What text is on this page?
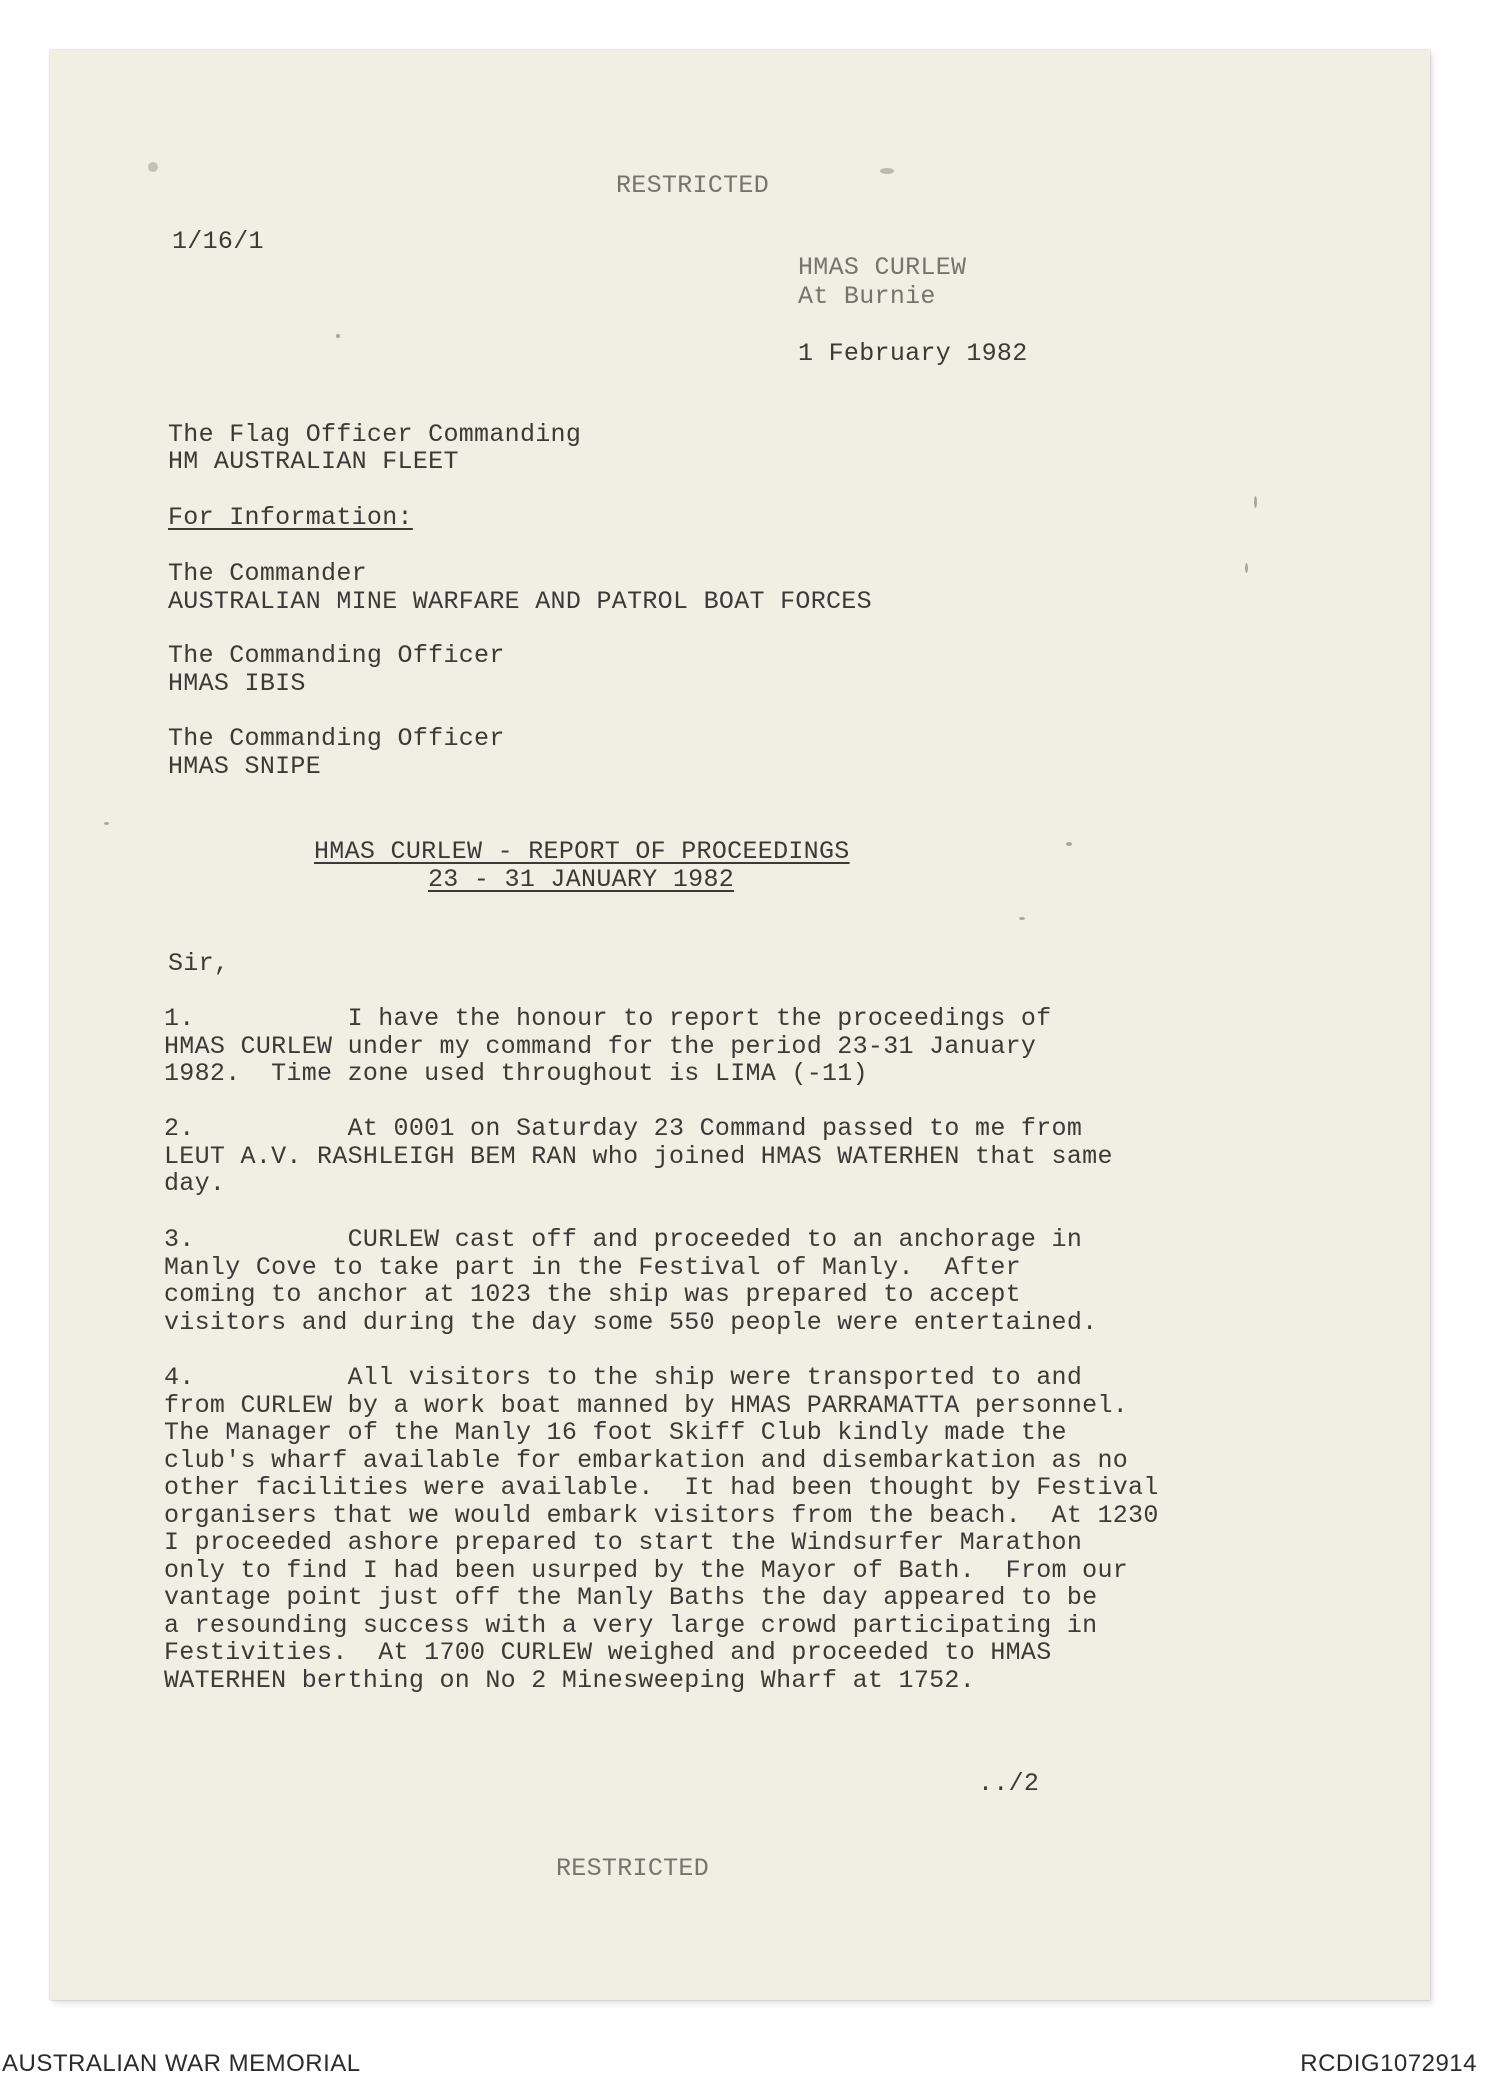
RESTRICTED
1/16/1
HMAS CURLEW
At Burnie
1 February 1982
The Flag Officer Commanding
HM AUSTRALIAN FLEET
For Information:
The Commander
AUSTRALIAN MINE WARFARE AND PATROL BOAT FORCES
The Commanding Officer
HMAS IBIS
The Commanding Officer
HMAS SNIPE
HMAS CURLEW - REPORT OF PROCEEDINGS
23 - 31 JANUARY 1982
Sir,
1.          I have the honour to report the proceedings of
HMAS CURLEW under my command for the period 23-31 January
1982.  Time zone used throughout is LIMA (-11)
2.          At 0001 on Saturday 23 Command passed to me from
LEUT A.V. RASHLEIGH BEM RAN who joined HMAS WATERHEN that same
day.
3.          CURLEW cast off and proceeded to an anchorage in
Manly Cove to take part in the Festival of Manly.  After
coming to anchor at 1023 the ship was prepared to accept
visitors and during the day some 550 people were entertained.
4.          All visitors to the ship were transported to and
from CURLEW by a work boat manned by HMAS PARRAMATTA personnel.
The Manager of the Manly 16 foot Skiff Club kindly made the
club's wharf available for embarkation and disembarkation as no
other facilities were available.  It had been thought by Festival
organisers that we would embark visitors from the beach.  At 1230
I proceeded ashore prepared to start the Windsurfer Marathon
only to find I had been usurped by the Mayor of Bath.  From our
vantage point just off the Manly Baths the day appeared to be
a resounding success with a very large crowd participating in
Festivities.  At 1700 CURLEW weighed and proceeded to HMAS
WATERHEN berthing on No 2 Minesweeping Wharf at 1752.
../2
RESTRICTED
AUSTRALIAN WAR MEMORIAL	RCDIG1072914
